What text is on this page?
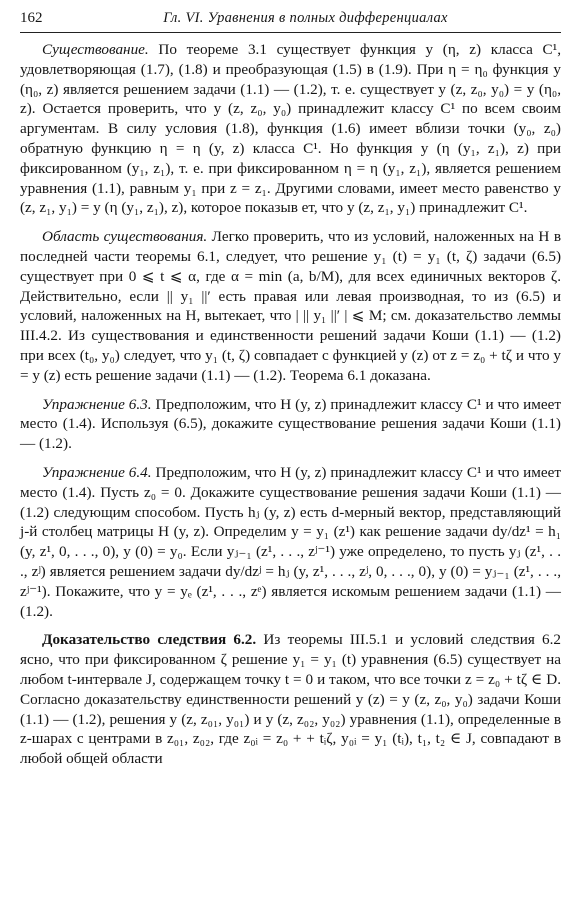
162	Гл. VI. Уравнения в полных дифференциалах

Существование. По теореме 3.1 существует функция y (η, z) класса C¹, удовлетворяющая (1.7), (1.8) и преобразующая (1.5) в (1.9). При η = η₀ функция y (η₀, z) является решением задачи (1.1) — (1.2), т. е. существует y (z, z₀, y₀) = y (η₀, z). Остается проверить, что y (z, z₀, y₀) принадлежит классу C¹ по всем своим аргументам. В силу условия (1.8), функция (1.6) имеет вблизи точки (y₀, z₀) обратную функцию η = η (y, z) класса C¹. Но функция y (η (y₁, z₁), z) при фиксированном (y₁, z₁), т. е. при фиксированном η = η (y₁, z₁), является решением уравнения (1.1), равным y₁ при z = z₁. Другими словами, имеет место равенство y (z, z₁, y₁) = y (η (y₁, z₁), z), которое показыв ет, что y (z, z₁, y₁) принадлежит C¹.

Область существования. Легко проверить, что из условий, наложенных на H в последней части теоремы 6.1, следует, что решение y₁ (t) = y₁ (t, ζ) задачи (6.5) существует при 0 ⩽ t ⩽ α, где α = min (a, b/M), для всех единичных векторов ζ. Действительно, если || y₁ ||′ есть правая или левая производная, то из (6.5) и условий, наложенных на H, вытекает, что | || y₁ ||′ | ⩽ M; см. доказательство леммы III.4.2. Из существования и единственности решений задачи Коши (1.1) — (1.2) при всех (t₀, y₀) следует, что y₁ (t, ζ) совпадает с функцией y (z) от z = z₀ + tζ и что y = y (z) есть решение задачи (1.1) — (1.2). Теорема 6.1 доказана.

Упражнение 6.3. Предположим, что H (y, z) принадлежит классу C¹ и что имеет место (1.4). Используя (6.5), докажите существование решения задачи Коши (1.1) — (1.2).

Упражнение 6.4. Предположим, что H (y, z) принадлежит классу C¹ и что имеет место (1.4). Пусть z₀ = 0. Докажите существование решения задачи Коши (1.1) — (1.2) следующим способом. Пусть hⱼ (y, z) есть d-мерный вектор, представляющий j-й столбец матрицы H (y, z). Определим y = y₁ (z¹) как решение задачи dy/dz¹ = h₁ (y, z¹, 0, . . ., 0), y (0) = y₀. Если yⱼ₋₁ (z¹, . . ., zʲ⁻¹) уже определено, то пусть yⱼ (z¹, . . ., zʲ) является решением задачи dy/dzʲ = hⱼ (y, z¹, . . ., zʲ, 0, . . ., 0), y (0) = yⱼ₋₁ (z¹, . . ., zʲ⁻¹). Покажите, что y = yₑ (z¹, . . ., zᵉ) является искомым решением задачи (1.1) — (1.2).

Доказательство следствия 6.2. Из теоремы III.5.1 и условий следствия 6.2 ясно, что при фиксированном ζ решение y₁ = y₁ (t) уравнения (6.5) существует на любом t-интервале J, содержащем точку t = 0 и таком, что все точки z = z₀ + tζ ∈ D. Согласно доказательству единственности решений y (z) = y (z, z₀, y₀) задачи Коши (1.1) — (1.2), решения y (z, z₀₁, y₀₁) и y (z, z₀₂, y₀₂) уравнения (1.1), определенные в z-шарах с центрами в z₀₁, z₀₂, где z₀ᵢ = z₀ + + tᵢζ, y₀ᵢ = y₁ (tᵢ), t₁, t₂ ∈ J, совпадают в любой общей области
